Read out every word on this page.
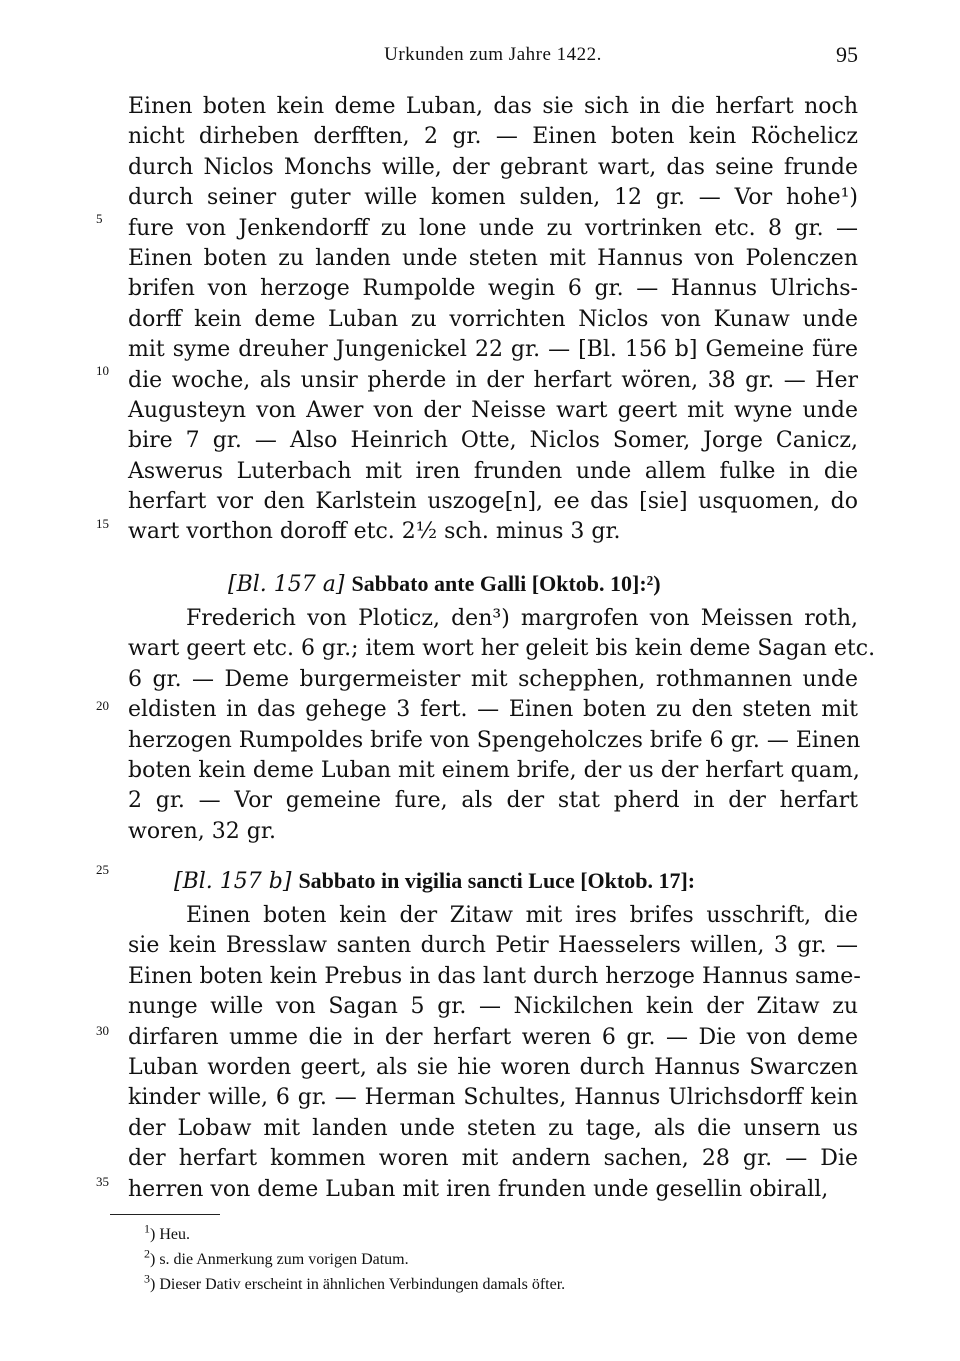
Urkunden zum Jahre 1422.	95
5
10
15
20
25
30
35
Einen boten kein deme Luban, das sie sich in die herfart noch
nicht dirheben derfften, 2 gr. — Einen boten kein Röchelicz
durch Niclos Monchs wille, der gebrant wart, das seine frunde
durch seiner guter wille komen sulden, 12 gr. — Vor hohe¹)
fure von Jenkendorff zu lone unde zu vortrinken etc. 8 gr. —
Einen boten zu landen unde steten mit Hannus von Polenczen
brifen von herzoge Rumpolde wegin 6 gr. — Hannus Ulrichs-
dorff kein deme Luban zu vorrichten Niclos von Kunaw unde
mit syme dreuher Jungenickel 22 gr. — [Bl. 156 b] Gemeine füre
die woche, als unsir pherde in der herfart wören, 38 gr. — Her
Augusteyn von Awer von der Neisse wart geert mit wyne unde
bire 7 gr. — Also Heinrich Otte, Niclos Somer, Jorge Canicz,
Aswerus Luterbach mit iren frunden unde allem fulke in die
herfart vor den Karlstein uszoge[n], ee das [sie] usquomen, do
wart vorthon doroff etc. 2½ sch. minus 3 gr.
[Bl. 157 a] Sabbato ante Galli [Oktob. 10]:²)
Frederich von Ploticz, den³) margrofen von Meissen roth,
wart geert etc. 6 gr.; item wort her geleit bis kein deme Sagan etc.
6 gr. — Deme burgermeister mit schepphen, rothmannen unde
eldisten in das gehege 3 fert. — Einen boten zu den steten mit
herzogen Rumpoldes brife von Spengeholczes brife 6 gr. — Einen
boten kein deme Luban mit einem brife, der us der herfart quam,
2 gr. — Vor gemeine fure, als der stat pherd in der herfart
woren, 32 gr.
[Bl. 157 b] Sabbato in vigilia sancti Luce [Oktob. 17]:
Einen boten kein der Zitaw mit ires brifes usschrift, die
sie kein Bresslaw santen durch Petir Haesselers willen, 3 gr. —
Einen boten kein Prebus in das lant durch herzoge Hannus same-
nunge wille von Sagan 5 gr. — Nickilchen kein der Zitaw zu
dirfaren umme die in der herfart weren 6 gr. — Die von deme
Luban worden geert, als sie hie woren durch Hannus Swarczen
kinder wille, 6 gr. — Herman Schultes, Hannus Ulrichsdorff kein
der Lobaw mit landen unde steten zu tage, als die unsern us
der herfart kommen woren mit andern sachen, 28 gr. — Die
herren von deme Luban mit iren frunden unde gesellin obirall,
$^1$) Heu.
$^2$) s. die Anmerkung zum vorigen Datum.
$^3$) Dieser Dativ erscheint in ähnlichen Verbindungen damals öfter.
